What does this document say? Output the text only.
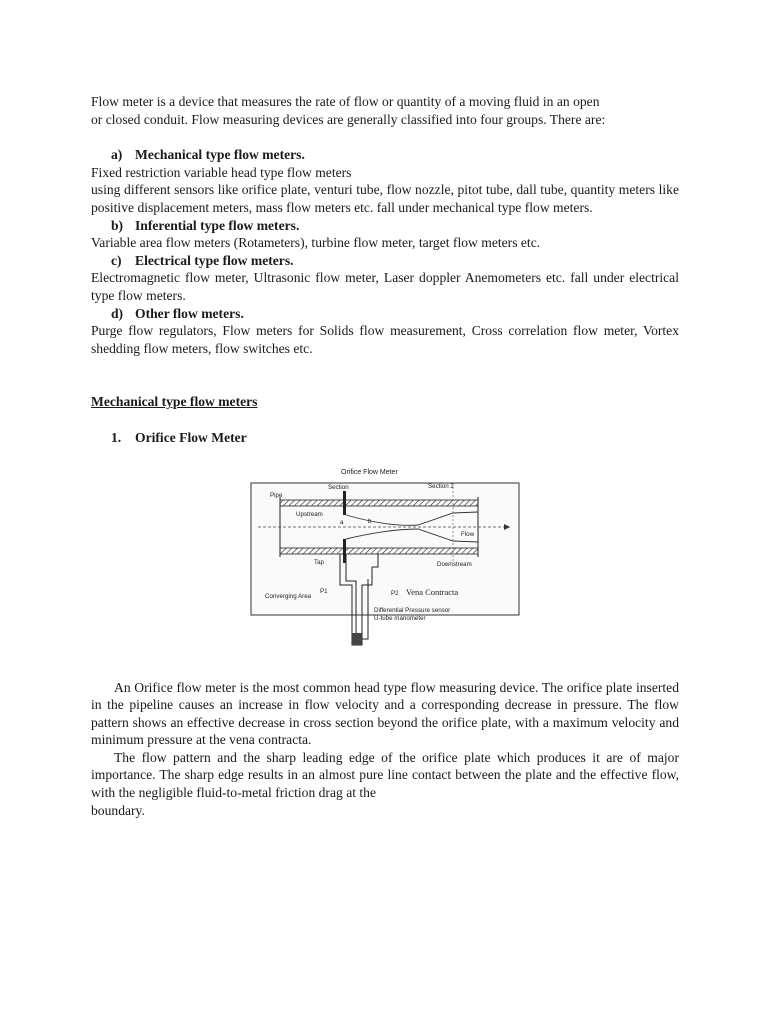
Flow meter is a device that measures the rate of flow or quantity of a moving fluid in an open

or closed conduit. Flow measuring devices are generally classified into four groups. There are:

a) Mechanical type flow meters.

Fixed restriction variable head type flow meters

using different sensors like orifice plate, venturi tube, flow nozzle, pitot tube, dall tube, quantity meters like positive displacement meters, mass flow meters etc. fall under mechanical type flow meters.

b) Inferential type flow meters.

Variable area flow meters (Rotameters), turbine flow meter, target flow meters etc.

c) Electrical type flow meters.

Electromagnetic flow meter, Ultrasonic flow meter, Laser doppler Anemometers etc. fall under electrical type flow meters.

d) Other flow meters.

Purge flow regulators, Flow meters for Solids flow measurement, Cross correlation flow meter, Vortex shedding flow meters, flow switches etc.

Mechanical type flow meters
1. Orifice Flow Meter
Orifice Flow Meter
Pipe
Section	Section 2
Upstream
a	b
Flow
Tap	Downstream
P1
Converging Area	P2 Vena Contracta
Differential Pressure sensor
U-tube manometer

An Orifice flow meter is the most common head type flow measuring device. The orifice plate inserted in the pipeline causes an increase in flow velocity and a corresponding decrease in pressure. The flow pattern shows an effective decrease in cross section beyond the orifice plate, with a maximum velocity and minimum pressure at the vena contracta.

The flow pattern and the sharp leading edge of the orifice plate which produces it are of major importance. The sharp edge results in an almost pure line contact between the plate and the effective flow, with the negligible fluid-to-metal friction drag at the

boundary.
